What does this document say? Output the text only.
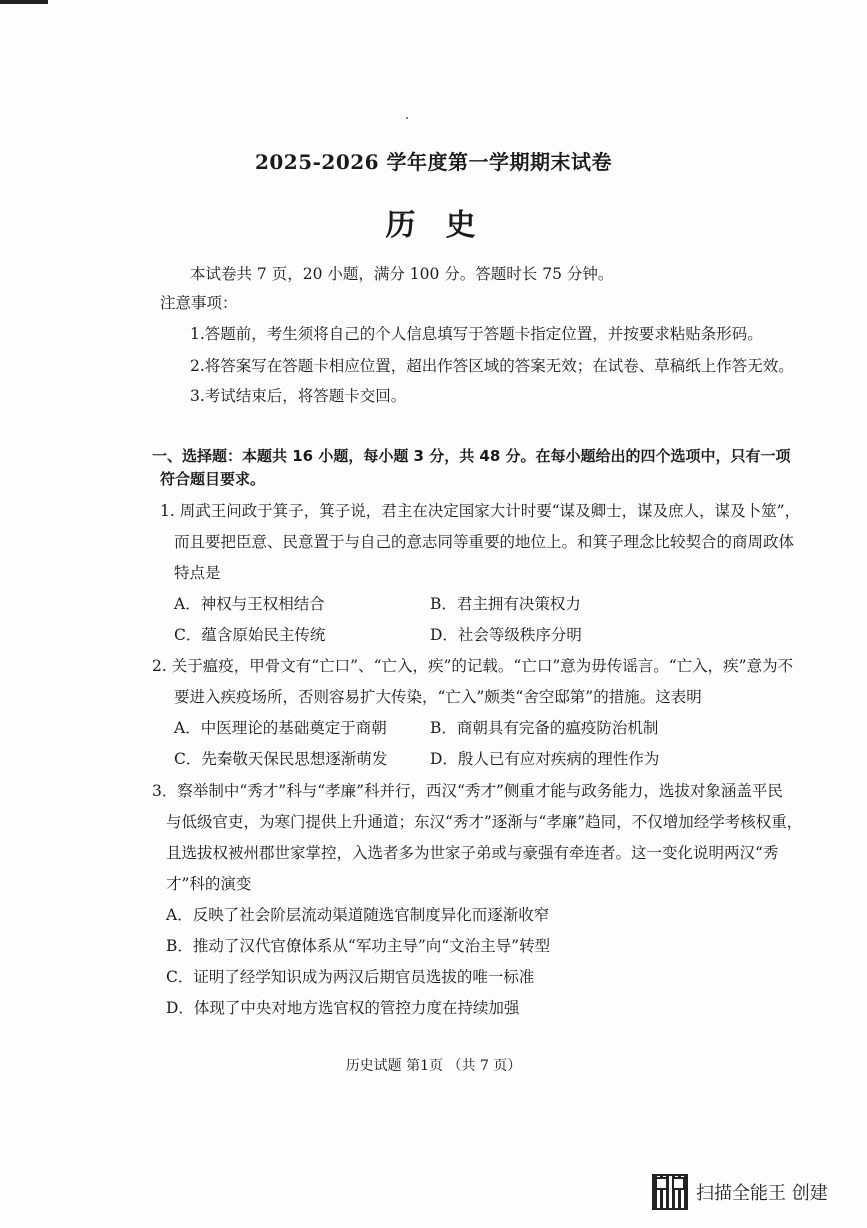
2025-2026 学年度第一学期期末试卷
历史
本试卷共 7 页，20 小题，满分 100 分。答题时长 75 分钟。
注意事项：
1.答题前，考生须将自己的个人信息填写于答题卡指定位置，并按要求粘贴条形码。
2.将答案写在答题卡相应位置，超出作答区域的答案无效；在试卷、草稿纸上作答无效。
3.考试结束后，将答题卡交回。
一、选择题：本题共 16 小题，每小题 3 分，共 48 分。在每小题给出的四个选项中，只有一项
符合题目要求。
1. 周武王问政于箕子，箕子说，君主在决定国家大计时要“谋及卿士，谋及庶人，谋及卜筮”，
而且要把臣意、民意置于与自己的意志同等重要的地位上。和箕子理念比较契合的商周政体
特点是
A．神权与王权相结合	B．君主拥有决策权力
C．蕴含原始民主传统	D．社会等级秩序分明
2. 关于瘟疫，甲骨文有“亡口”、“亡入，疾”的记载。“亡口”意为毋传谣言。“亡入，疾”意为不
要进入疾疫场所，否则容易扩大传染，“亡入”颇类“舍空邸第”的措施。这表明
A．中医理论的基础奠定于商朝	B．商朝具有完备的瘟疫防治机制
C．先秦敬天保民思想逐渐萌发	D．殷人已有应对疾病的理性作为
3．察举制中“秀才”科与“孝廉”科并行，西汉“秀才”侧重才能与政务能力，选拔对象涵盖平民
与低级官吏，为寒门提供上升通道；东汉“秀才”逐渐与“孝廉”趋同，不仅增加经学考核权重，
且选拔权被州郡世家掌控，入选者多为世家子弟或与豪强有牵连者。这一变化说明两汉“秀
才”科的演变
A．反映了社会阶层流动渠道随选官制度异化而逐渐收窄
B．推动了汉代官僚体系从“军功主导”向“文治主导”转型
C．证明了经学知识成为两汉后期官员选拔的唯一标准
D．体现了中央对地方选官权的管控力度在持续加强
历史试题 第1页 （共 7 页）
扫描全能王 创建
